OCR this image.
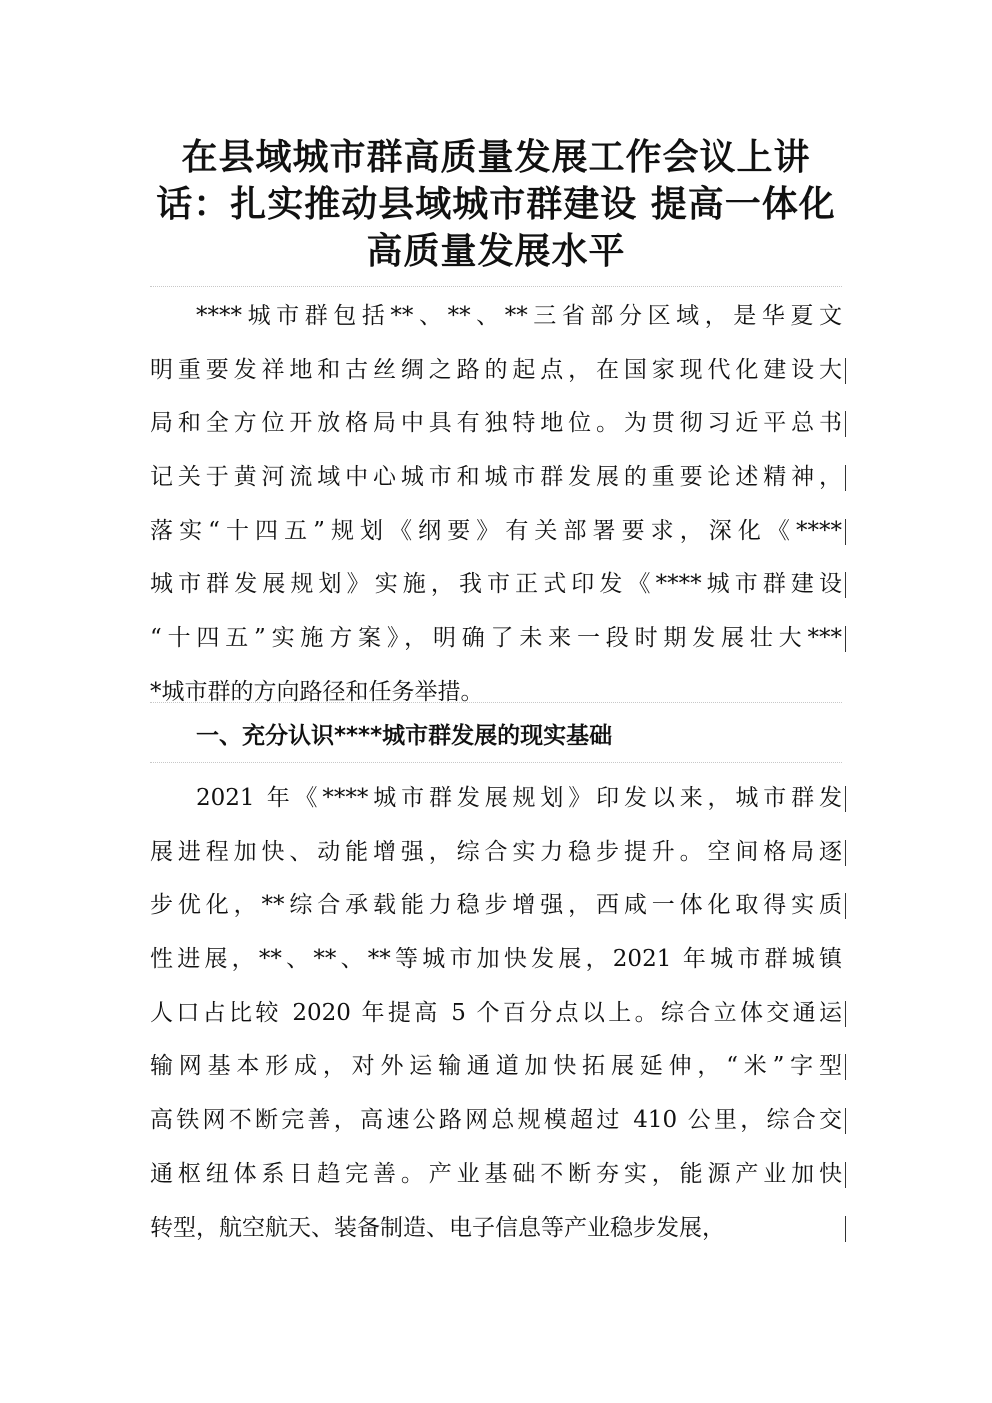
在县域城市群高质量发展工作会议上讲
话：扎实推动县域城市群建设 提高一体化
高质量发展水平

****城市群包括**、**、**三省部分区域，是华夏文
明重要发祥地和古丝绸之路的起点，在国家现代化建设大
局和全方位开放格局中具有独特地位。为贯彻习近平总书
记关于黄河流域中心城市和城市群发展的重要论述精神，
落实“十四五”规划《纲要》有关部署要求，深化《****
城市群发展规划》实施，我市正式印发《****城市群建设
“十四五”实施方案》，明确了未来一段时期发展壮大***
*城市群的方向路径和任务举措。

一、充分认识****城市群发展的现实基础

2021 年《****城市群发展规划》印发以来，城市群发
展进程加快、动能增强，综合实力稳步提升。空间格局逐
步优化，**综合承载能力稳步增强，西咸一体化取得实质
性进展，**、**、**等城市加快发展，2021 年城市群城镇
人口占比较 2020 年提高 5 个百分点以上。综合立体交通运
输网基本形成，对外运输通道加快拓展延伸，“米”字型
高铁网不断完善，高速公路网总规模超过 410 公里，综合交
通枢纽体系日趋完善。产业基础不断夯实，能源产业加快
转型，航空航天、装备制造、电子信息等产业稳步发展，
